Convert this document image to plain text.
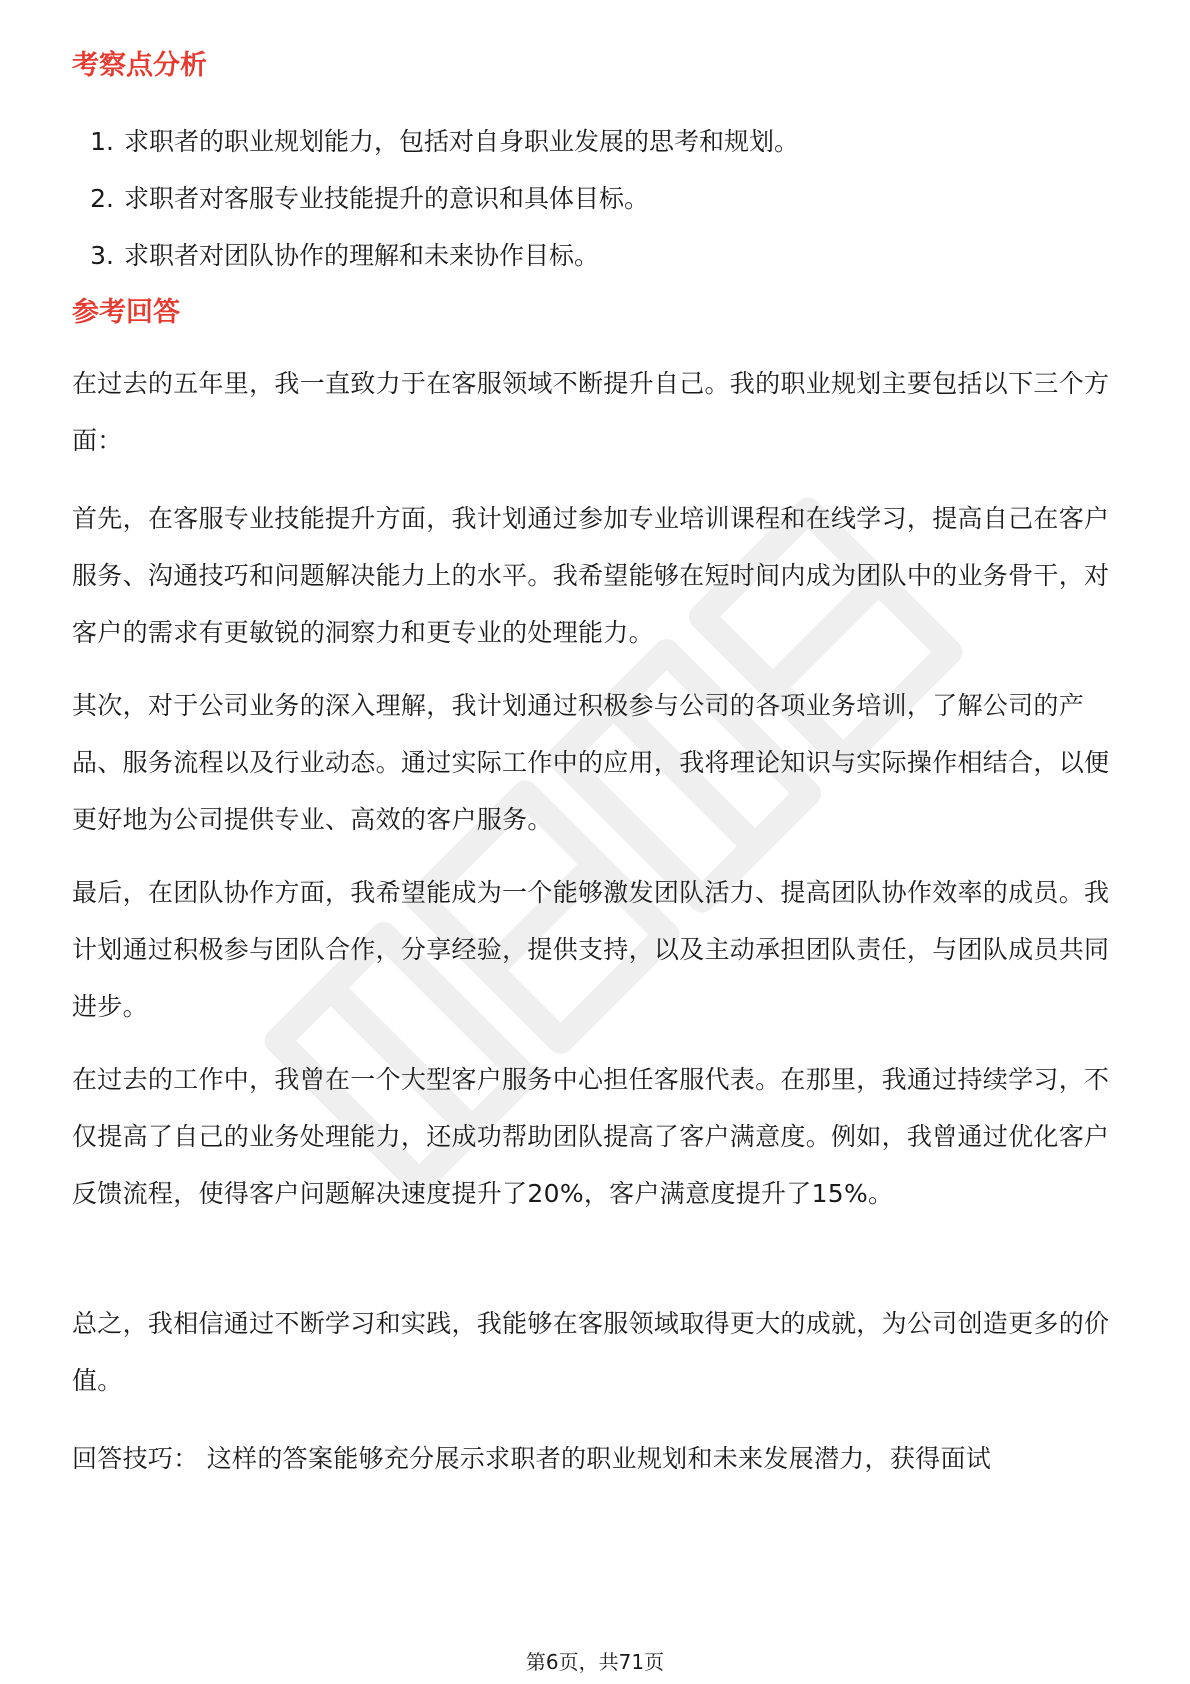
考察点分析
1. 求职者的职业规划能力，包括对自身职业发展的思考和规划。
2. 求职者对客服专业技能提升的意识和具体目标。
3. 求职者对团队协作的理解和未来协作目标。
参考回答

在过去的五年里，我一直致力于在客服领域不断提升自己。我的职业规划主要包括以下三个方面：

首先，在客服专业技能提升方面，我计划通过参加专业培训课程和在线学习，提高自己在客户服务、沟通技巧和问题解决能力上的水平。我希望能够在短时间内成为团队中的业务骨干，对客户的需求有更敏锐的洞察力和更专业的处理能力。

其次，对于公司业务的深入理解，我计划通过积极参与公司的各项业务培训，了解公司的产品、服务流程以及行业动态。通过实际工作中的应用，我将理论知识与实际操作相结合，以便更好地为公司提供专业、高效的客户服务。

最后，在团队协作方面，我希望能成为一个能够激发团队活力、提高团队协作效率的成员。我计划通过积极参与团队合作，分享经验，提供支持，以及主动承担团队责任，与团队成员共同进步。

在过去的工作中，我曾在一个大型客户服务中心担任客服代表。在那里，我通过持续学习，不仅提高了自己的业务处理能力，还成功帮助团队提高了客户满意度。例如，我曾通过优化客户反馈流程，使得客户问题解决速度提升了20%，客户满意度提升了15%。

总之，我相信通过不断学习和实践，我能够在客服领域取得更大的成就，为公司创造更多的价值。

回答技巧： 这样的答案能够充分展示求职者的职业规划和未来发展潜力，获得面试

第6页，共71页
